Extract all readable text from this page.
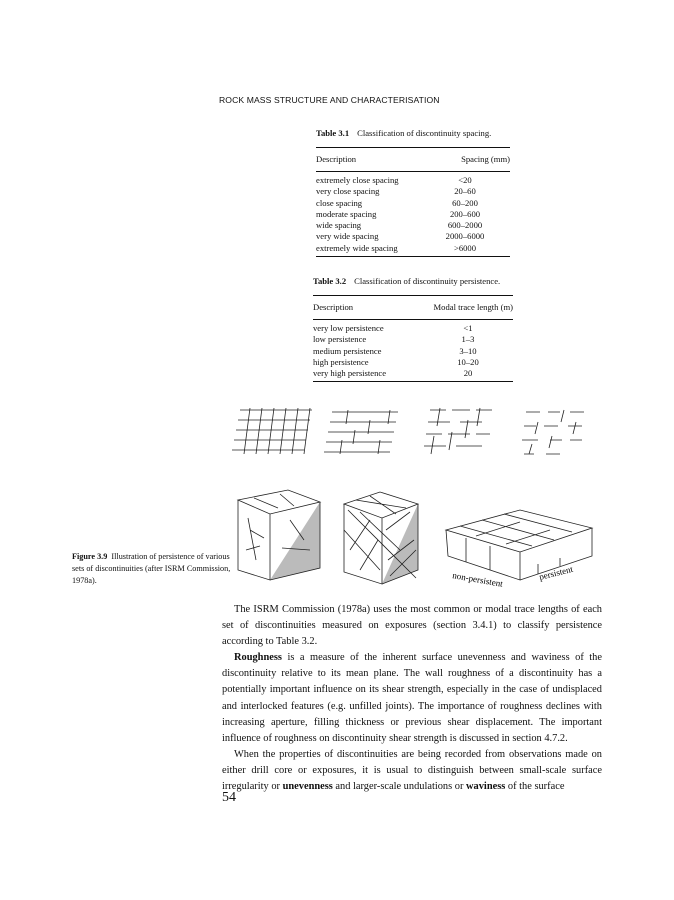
ROCK MASS STRUCTURE AND CHARACTERISATION
Table 3.1 Classification of discontinuity spacing.
Description	Spacing (mm)
extremely close spacing	<20
very close spacing	20–60
close spacing	60–200
moderate spacing	200–600
wide spacing	600–2000
very wide spacing	2000–6000
extremely wide spacing	>6000
Table 3.2 Classification of discontinuity persistence.
Description	Modal trace length (m)
very low persistence	<1
low persistence	1–3
medium persistence	3–10
high persistence	10–20
very high persistence	20
non-persistent	persistent
Figure 3.9 Illustration of persistence of various sets of discontinuities (after ISRM Commission, 1978a).

The ISRM Commission (1978a) uses the most common or modal trace lengths of each set of discontinuities measured on exposures (section 3.4.1) to classify persistence according to Table 3.2.

Roughness is a measure of the inherent surface unevenness and waviness of the discontinuity relative to its mean plane. The wall roughness of a discontinuity has a potentially important influence on its shear strength, especially in the case of undisplaced and interlocked features (e.g. unfilled joints). The importance of roughness declines with increasing aperture, filling thickness or previous shear displacement. The important influence of roughness on discontinuity shear strength is discussed in section 4.7.2.

When the properties of discontinuities are being recorded from observations made on either drill core or exposures, it is usual to distinguish between small-scale surface irregularity or unevenness and larger-scale undulations or waviness of the surface

54
